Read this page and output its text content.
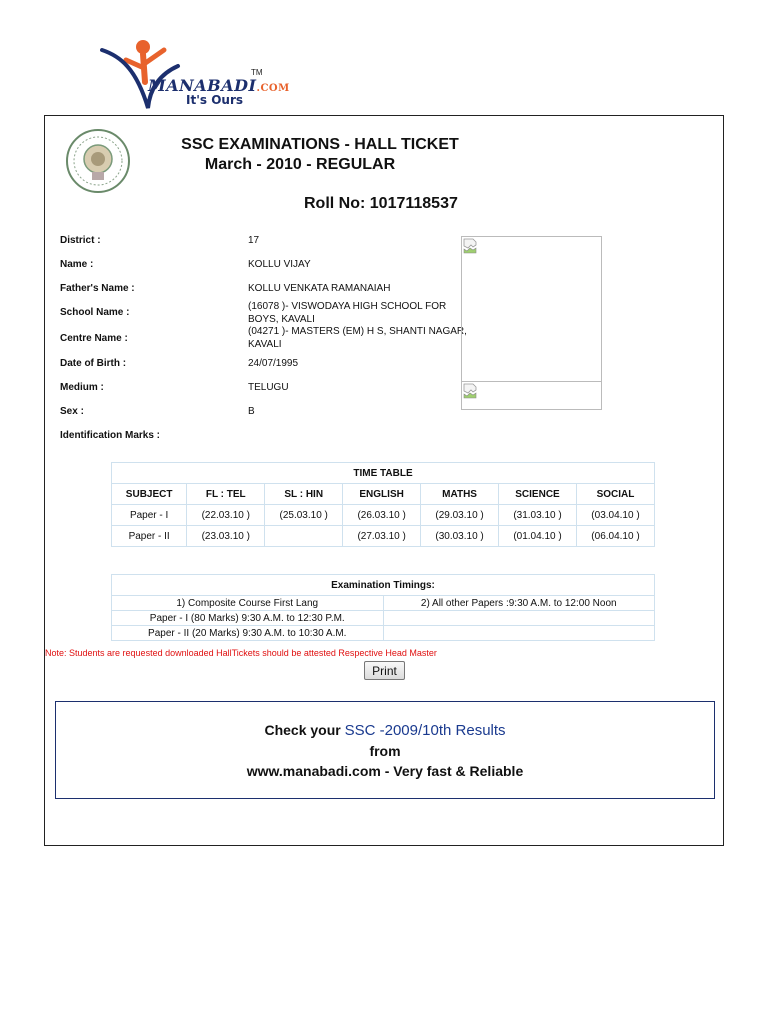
TM
MANABADI.COM
It's Ours
SSC EXAMINATIONS - HALL TICKET
March - 2010 - REGULAR
Roll No: 1017118537
District :	17
Name :	KOLLU VIJAY
Father's Name :	KOLLU VENKATA RAMANAIAH
School Name :
(16078 )- VISWODAYA HIGH SCHOOL FOR BOYS, KAVALI
Centre Name :
(04271 )- MASTERS (EM) H S, SHANTI NAGAR, KAVALI
Date of Birth :	24/07/1995
Medium :	TELUGU
Sex :	B
Identification Marks :
TIME TABLE						
SUBJECT	FL : TEL	SL : HIN	ENGLISH	MATHS	SCIENCE	SOCIAL
Paper - I	(22.03.10 )	(25.03.10 )	(26.03.10 )	(29.03.10 )	(31.03.10 )	(03.04.10 )
Paper - II	(23.03.10 )		(27.03.10 )	(30.03.10 )	(01.04.10 )	(06.04.10 )
Examination Timings:	
1) Composite Course First Lang	2) All other Papers :9:30 A.M. to 12:00 Noon
Paper - I (80 Marks) 9:30 A.M. to 12:30 P.M.	
Paper - II (20 Marks) 9:30 A.M. to 10:30 A.M.	
Note: Students are requested downloaded HallTickets should be attested Respective Head Master
Print
Check your SSC -2009/10th Results
from
www.manabadi.com - Very fast & Reliable
